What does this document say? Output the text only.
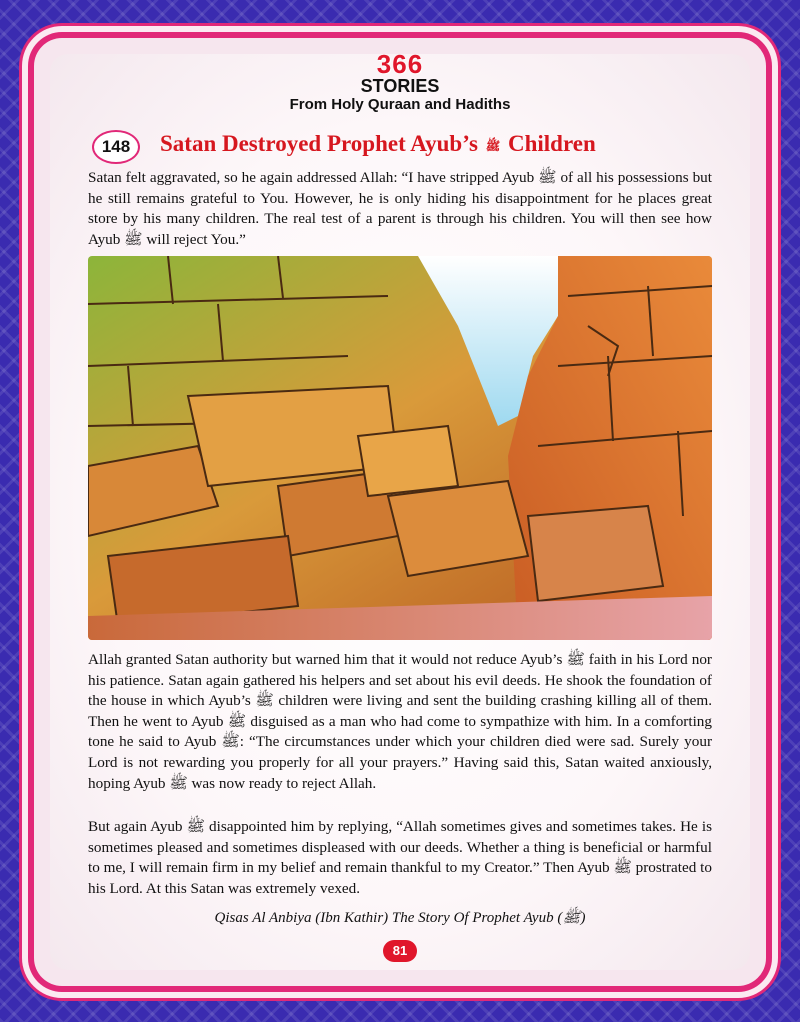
366
STORIES
From Holy Quraan and Hadiths
148	Satan Destroyed Prophet Ayub’s ﷺ Children

Satan felt aggravated, so he again addressed Allah: “I have stripped Ayub ﷺ of all his possessions but he still remains grateful to You. However, he is only hiding his disappointment for he places great store by his many children. The real test of a parent is through his children. You will then see how Ayub ﷺ will reject You.”

Allah granted Satan authority but warned him that it would not reduce Ayub’s ﷺ faith in his Lord nor his patience. Satan again gathered his helpers and set about his evil deeds. He shook the foundation of the house in which Ayub’s ﷺ children were living and sent the building crashing killing all of them. Then he went to Ayub ﷺ disguised as a man who had come to sympathize with him. In a comforting tone he said to Ayub ﷺ: “The circumstances under which your children died were sad. Surely your Lord is not rewarding you properly for all your prayers.” Having said this, Satan waited anxiously, hoping Ayub ﷺ was now ready to reject Allah.

But again Ayub ﷺ disappointed him by replying, “Allah sometimes gives and sometimes takes. He is sometimes pleased and sometimes displeased with our deeds. Whether a thing is beneficial or harmful to me, I will remain firm in my belief and remain thankful to my Creator.” Then Ayub ﷺ prostrated to his Lord. At this Satan was extremely vexed.

Qisas Al Anbiya (Ibn Kathir) The Story Of Prophet Ayub (ﷺ)
81
